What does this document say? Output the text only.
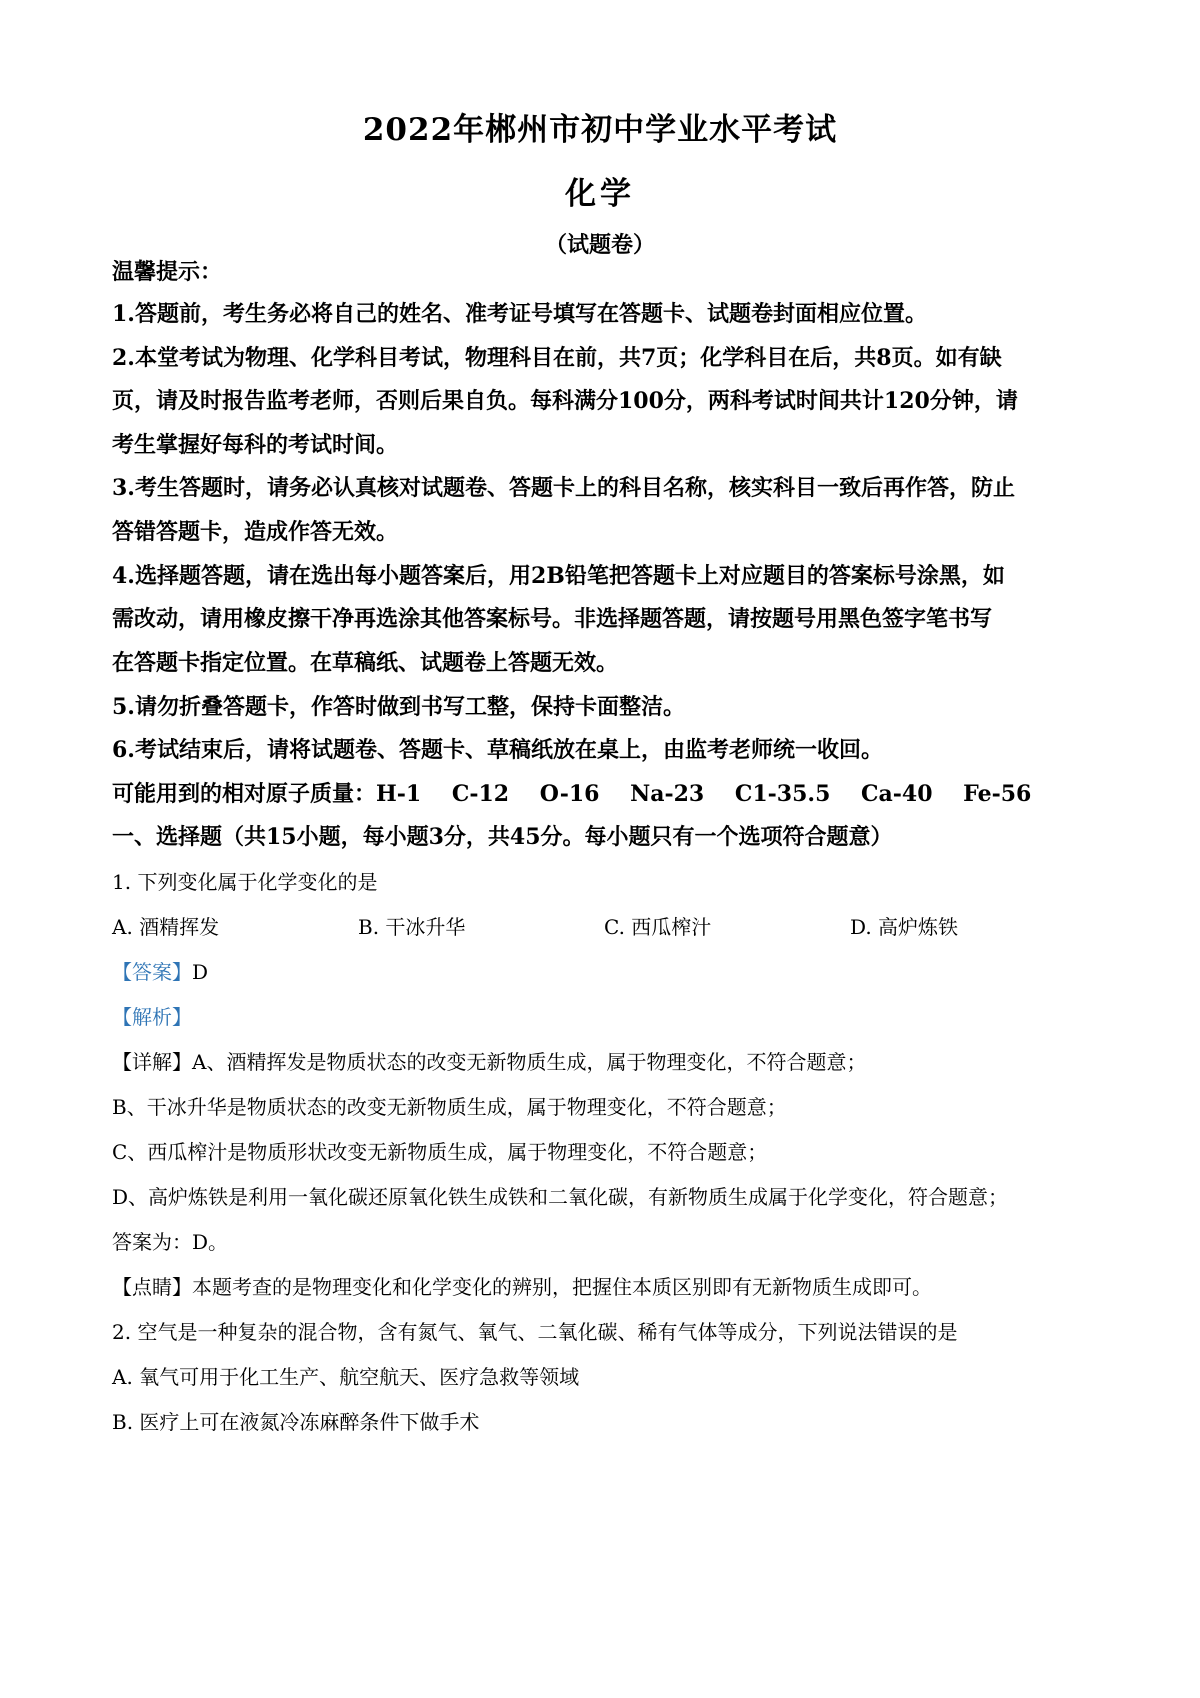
2022年郴州市初中学业水平考试
化学
（试题卷）
温馨提示：
1.答题前，考生务必将自己的姓名、准考证号填写在答题卡、试题卷封面相应位置。
2.本堂考试为物理、化学科目考试，物理科目在前，共7页；化学科目在后，共8页。如有缺
页，请及时报告监考老师，否则后果自负。每科满分100分，两科考试时间共计120分钟，请
考生掌握好每科的考试时间。
3.考生答题时，请务必认真核对试题卷、答题卡上的科目名称，核实科目一致后再作答，防止
答错答题卡，造成作答无效。
4.选择题答题，请在选出每小题答案后，用2B铅笔把答题卡上对应题目的答案标号涂黑，如
需改动，请用橡皮擦干净再选涂其他答案标号。非选择题答题，请按题号用黑色签字笔书写
在答题卡指定位置。在草稿纸、试题卷上答题无效。
5.请勿折叠答题卡，作答时做到书写工整，保持卡面整洁。
6.考试结束后，请将试题卷、答题卡、草稿纸放在桌上，由监考老师统一收回。
可能用到的相对原子质量：H-1    C-12    O-16    Na-23    C1-35.5    Ca-40    Fe-56
一、选择题（共15小题，每小题3分，共45分。每小题只有一个选项符合题意）
1. 下列变化属于化学变化的是
A. 酒精挥发	B. 干冰升华	C. 西瓜榨汁	D. 高炉炼铁
【答案】D
【解析】
【详解】A、酒精挥发是物质状态的改变无新物质生成，属于物理变化，不符合题意；
B、干冰升华是物质状态的改变无新物质生成，属于物理变化，不符合题意；
C、西瓜榨汁是物质形状改变无新物质生成，属于物理变化，不符合题意；
D、高炉炼铁是利用一氧化碳还原氧化铁生成铁和二氧化碳，有新物质生成属于化学变化，符合题意；
答案为：D。
【点睛】本题考查的是物理变化和化学变化的辨别，把握住本质区别即有无新物质生成即可。
2. 空气是一种复杂的混合物，含有氮气、氧气、二氧化碳、稀有气体等成分，下列说法错误的是
A. 氧气可用于化工生产、航空航天、医疗急救等领域
B. 医疗上可在液氮冷冻麻醉条件下做手术
